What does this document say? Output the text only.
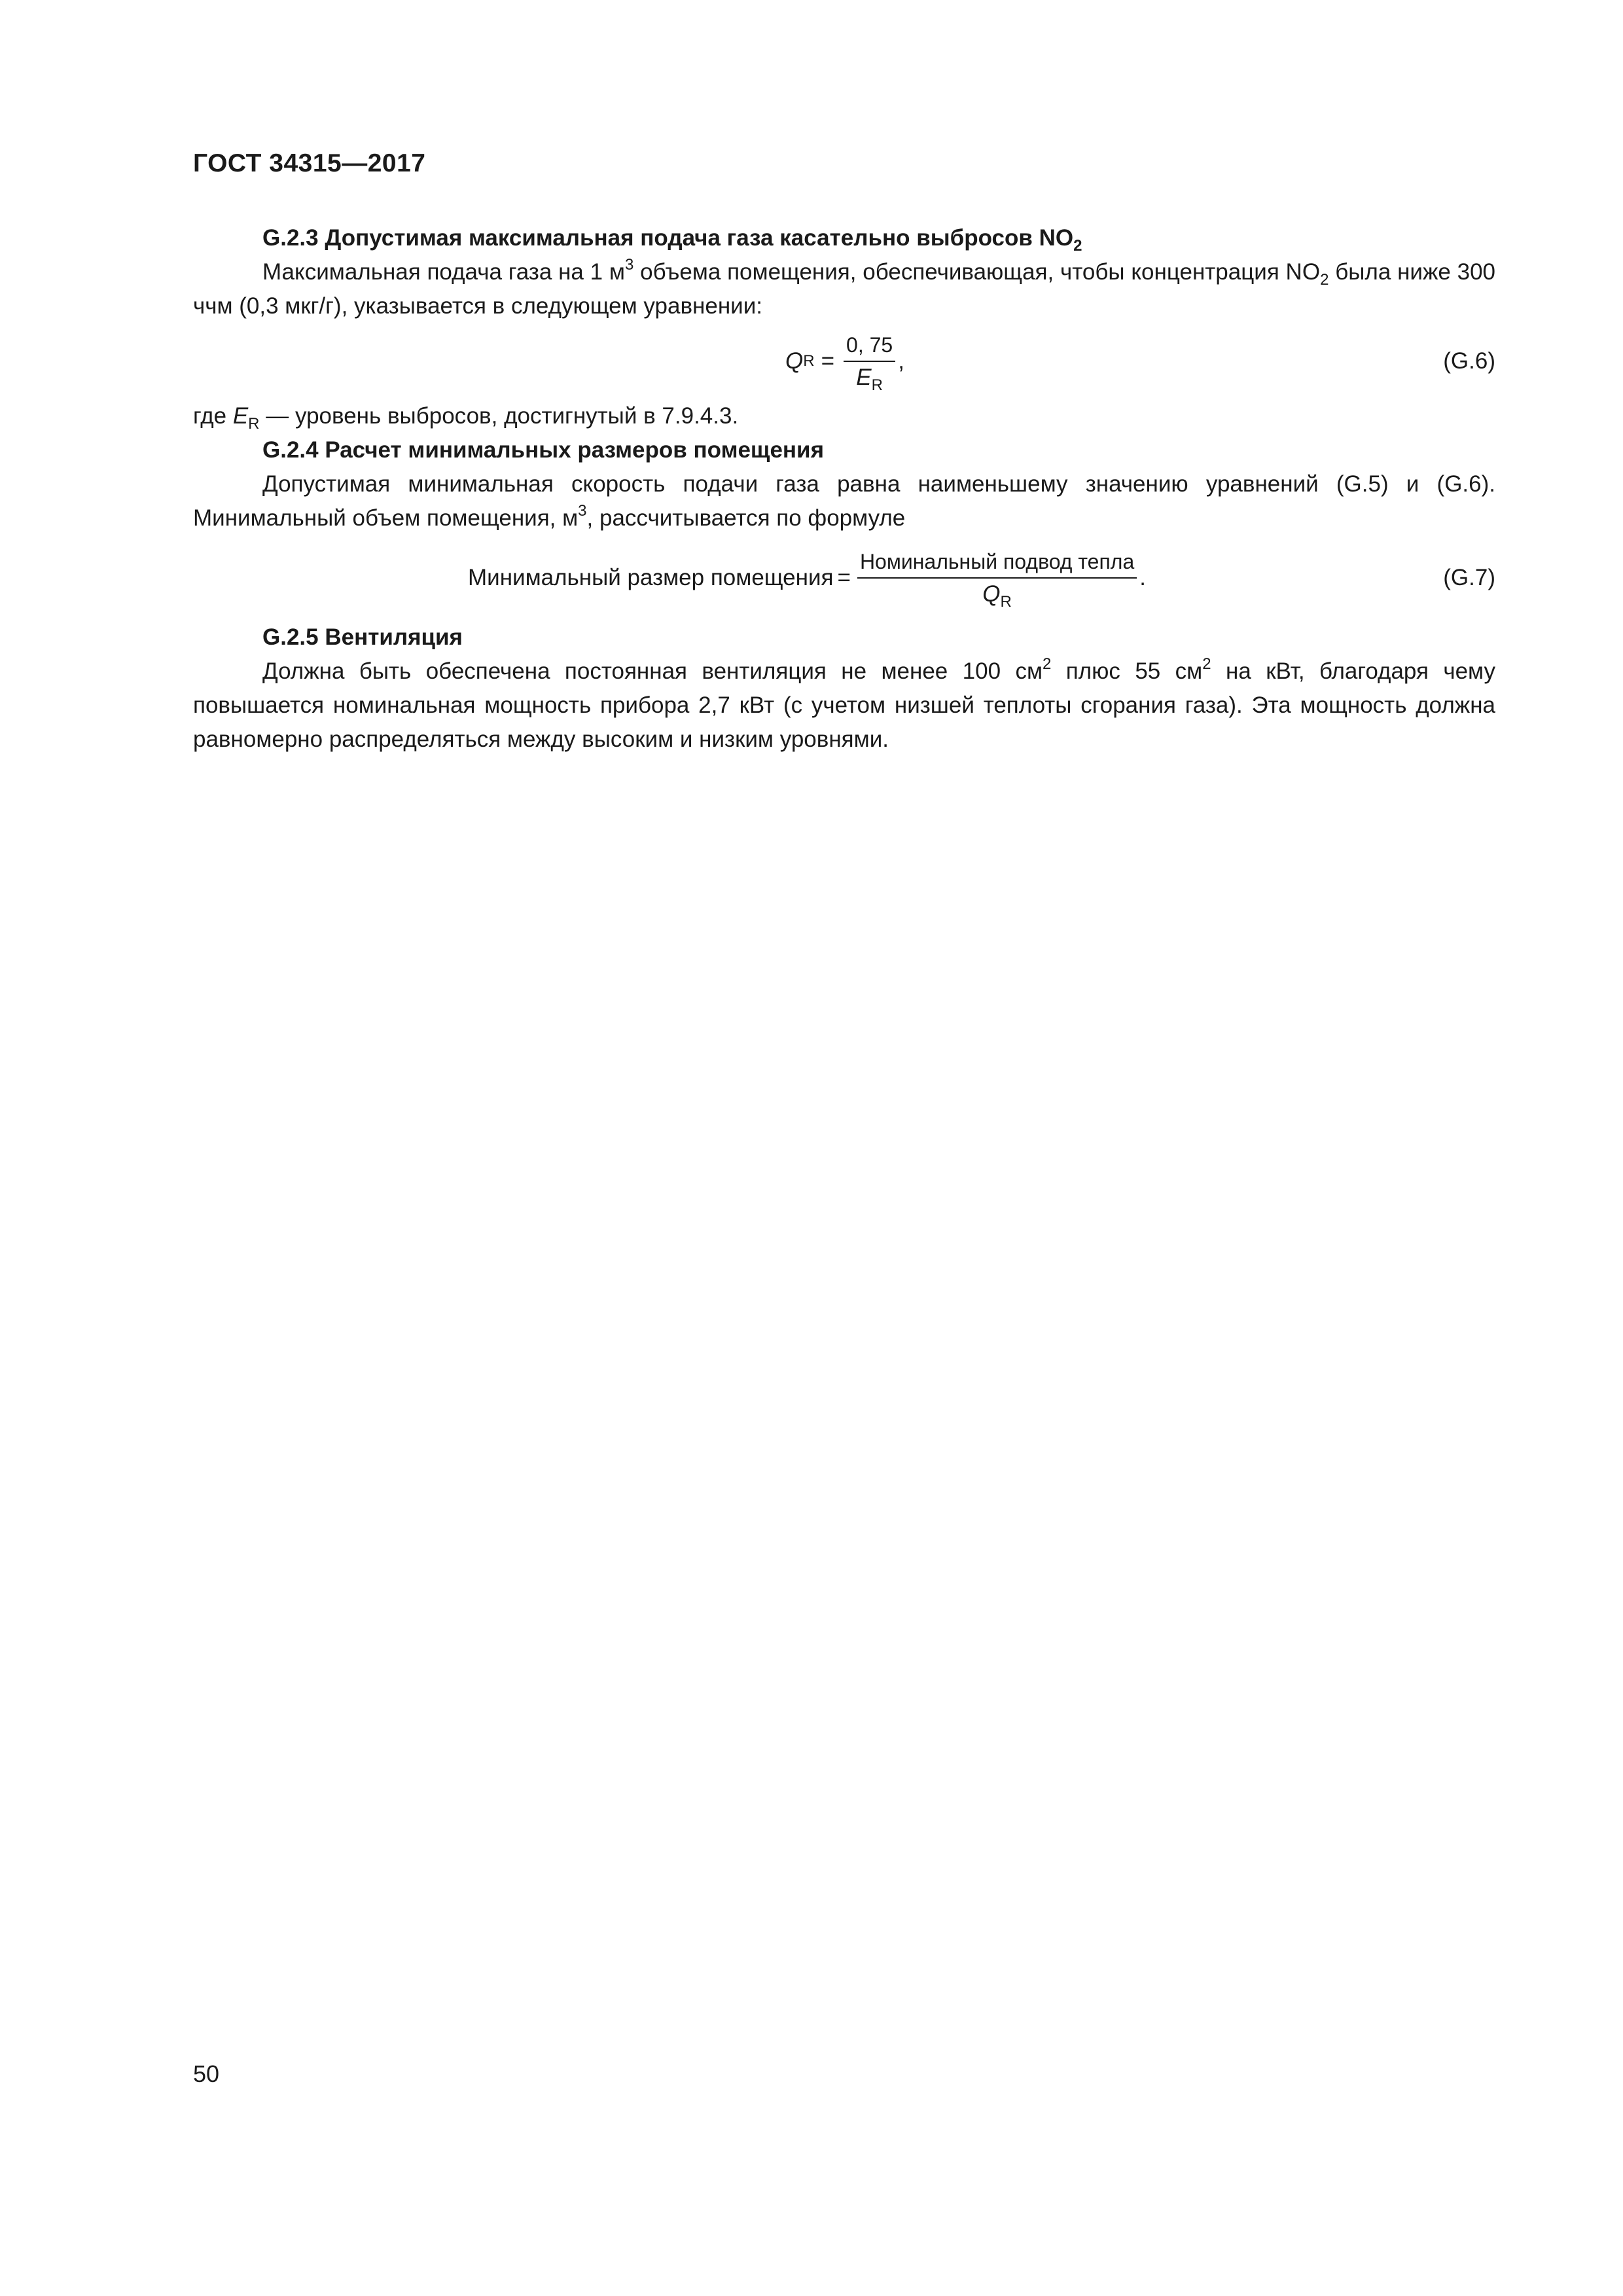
ГОСТ 34315—2017

G.2.3 Допустимая максимальная подача газа касательно выбросов $NO_2$

Максимальная подача газа на 1 $м^3$ объема помещения, обеспечивающая, чтобы концентрация $NO_2$ была ниже 300 ччм (0,3 мкг/г), указывается в следующем уравнении:

Q $R = \frac{0, 75}{E_R}$ ,	(G.6)

где $E_R$ — уровень выбросов, достигнутый в 7.9.4.3.

G.2.4 Расчет минимальных размеров помещения

Допустимая минимальная скорость подачи газа равна наименьшему значению уравнений (G.5) и (G.6). Минимальный объем помещения, $м^3$, рассчитывается по формуле

Минимальный размер помещения = $\frac{\text{Номинальный подвод тепла}}{Q_R}$ .	(G.7)

G.2.5 Вентиляция

Должна быть обеспечена постоянная вентиляция не менее 100 $см^2$ плюс 55 $см^2$ на кВт, благодаря чему повышается номинальная мощность прибора 2,7 кВт (с учетом низшей теплоты сгорания газа). Эта мощность должна равномерно распределяться между высоким и низким уровнями.

50
